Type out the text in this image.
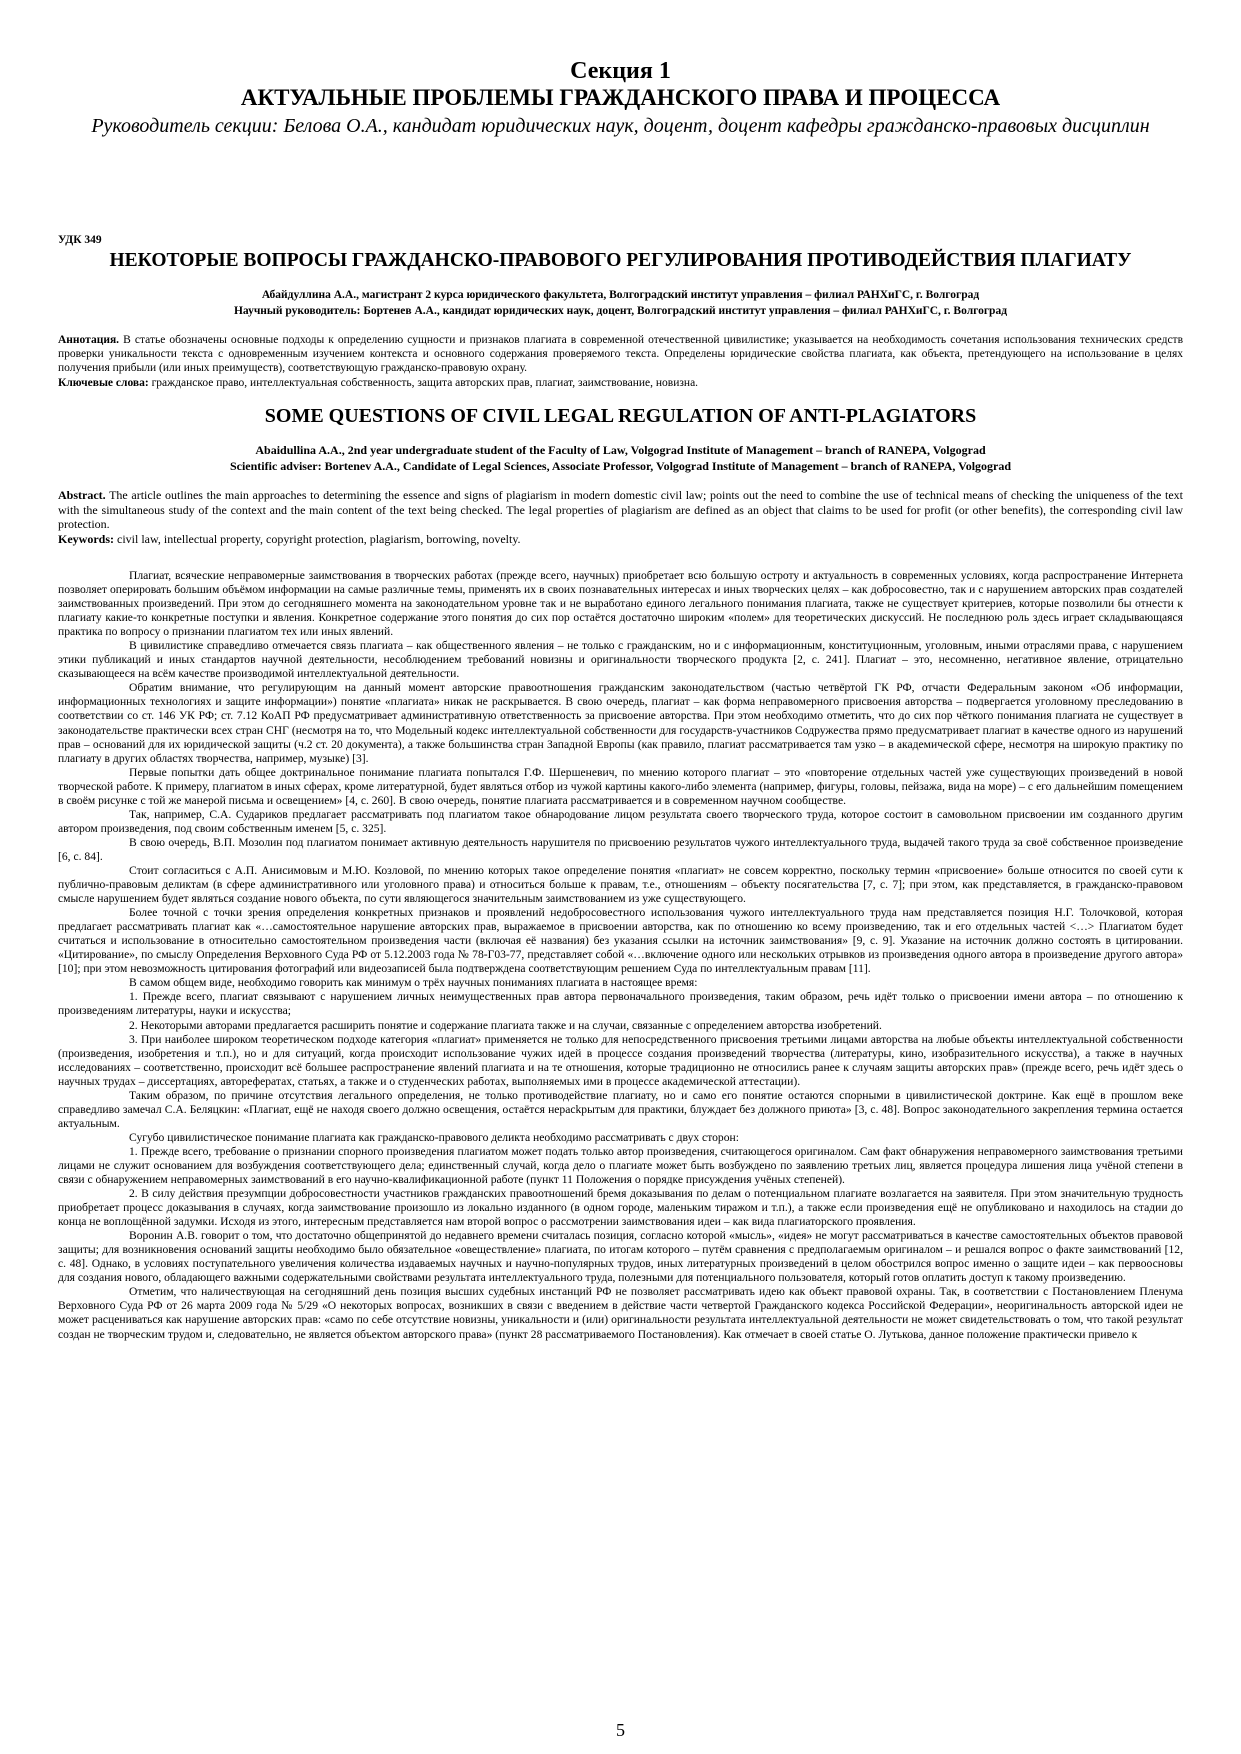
Секция 1
АКТУАЛЬНЫЕ ПРОБЛЕМЫ ГРАЖДАНСКОГО ПРАВА И ПРОЦЕССА
Руководитель секции: Белова О.А., кандидат юридических наук, доцент, доцент кафедры гражданско-правовых дисциплин
УДК 349
НЕКОТОРЫЕ ВОПРОСЫ ГРАЖДАНСКО-ПРАВОВОГО РЕГУЛИРОВАНИЯ ПРОТИВОДЕЙСТВИЯ ПЛАГИАТУ
Абайдуллина А.А., магистрант 2 курса юридического факультета, Волгоградский институт управления – филиал РАНХиГС, г. Волгоград
Научный руководитель: Бортенев А.А., кандидат юридических наук, доцент, Волгоградский институт управления – филиал РАНХиГС, г. Волгоград
Аннотация. В статье обозначены основные подходы к определению сущности и признаков плагиата в современной отечественной цивилистике; указывается на необходимость сочетания использования технических средств проверки уникальности текста с одновременным изучением контекста и основного содержания проверяемого текста. Определены юридические свойства плагиата, как объекта, претендующего на использование в целях получения прибыли (или иных преимуществ), соответствующую гражданско-правовую охрану.
Ключевые слова: гражданское право, интеллектуальная собственность, защита авторских прав, плагиат, заимствование, новизна.
SOME QUESTIONS OF CIVIL LEGAL REGULATION OF ANTI-PLAGIATORS
Abaidullina A.A., 2nd year undergraduate student of the Faculty of Law, Volgograd Institute of Management – branch of RANEPA, Volgograd
Scientific adviser: Bortenev A.A., Candidate of Legal Sciences, Associate Professor, Volgograd Institute of Management – branch of RANEPA, Volgograd
Abstract. The article outlines the main approaches to determining the essence and signs of plagiarism in modern domestic civil law; points out the need to combine the use of technical means of checking the uniqueness of the text with the simultaneous study of the context and the main content of the text being checked. The legal properties of plagiarism are defined as an object that claims to be used for profit (or other benefits), the corresponding civil law protection.
Keywords: civil law, intellectual property, copyright protection, plagiarism, borrowing, novelty.

Плагиат, всяческие неправомерные заимствования в творческих работах (прежде всего, научных) приобретает всю большую остроту и актуальность в современных условиях, когда распространение Интернета позволяет оперировать большим объёмом информации на самые различные темы, применять их в своих познавательных интересах и иных творческих целях – как добросовестно, так и с нарушением авторских прав создателей заимствованных произведений. При этом до сегодняшнего момента на законодательном уровне так и не выработано единого легального понимания плагиата, также не существует критериев, которые позволили бы отнести к плагиату какие-то конкретные поступки и явления. Конкретное содержание этого понятия до сих пор остаётся достаточно широким «полем» для теоретических дискуссий. Не последнюю роль здесь играет складывающаяся практика по вопросу о признании плагиатом тех или иных явлений.

В цивилистике справедливо отмечается связь плагиата – как общественного явления – не только с гражданским, но и с информационным, конституционным, уголовным, иными отраслями права, с нарушением этики публикаций и иных стандартов научной деятельности, несоблюдением требований новизны и оригинальности творческого продукта [2, с. 241]. Плагиат – это, несомненно, негативное явление, отрицательно сказывающееся на всём качестве производимой интеллектуальной деятельности.

Обратим внимание, что регулирующим на данный момент авторские правоотношения гражданским законодательством (частью четвёртой ГК РФ, отчасти Федеральным законом «Об информации, информационных технологиях и защите информации») понятие «плагиата» никак не раскрывается. В свою очередь, плагиат – как форма неправомерного присвоения авторства – подвергается уголовному преследованию в соответствии со ст. 146 УК РФ; ст. 7.12 КоАП РФ предусматривает административную ответственность за присвоение авторства. При этом необходимо отметить, что до сих пор чёткого понимания плагиата не существует в законодательстве практически всех стран СНГ (несмотря на то, что Модельный кодекс интеллектуальной собственности для государств-участников Содружества прямо предусматривает плагиат в качестве одного из нарушений прав – оснований для их юридической защиты (ч.2 ст. 20 документа), а также большинства стран Западной Европы (как правило, плагиат рассматривается там узко – в академической сфере, несмотря на широкую практику по плагиату в других областях творчества, например, музыке) [3].

Первые попытки дать общее доктринальное понимание плагиата попытался Г.Ф. Шершеневич, по мнению которого плагиат – это «повторение отдельных частей уже существующих произведений в новой творческой работе. К примеру, плагиатом в иных сферах, кроме литературной, будет являться отбор из чужой картины какого-либо элемента (например, фигуры, головы, пейзажа, вида на море) – с его дальнейшим помещением в своём рисунке с той же манерой письма и освещением» [4, с. 260]. В свою очередь, понятие плагиата рассматривается и в современном научном сообществе.

Так, например, С.А. Судариков предлагает рассматривать под плагиатом такое обнародование лицом результата своего творческого труда, которое состоит в самовольном присвоении им созданного другим автором произведения, под своим собственным именем [5, с. 325].

В свою очередь, В.П. Мозолин под плагиатом понимает активную деятельность нарушителя по присвоению результатов чужого интеллектуального труда, выдачей такого труда за своё собственное произведение [6, с. 84].

Стоит согласиться с А.П. Анисимовым и М.Ю. Козловой, по мнению которых такое определение понятия «плагиат» не совсем корректно, поскольку термин «присвоение» больше относится по своей сути к публично-правовым деликтам (в сфере административного или уголовного права) и относиться больше к правам, т.е., отношениям – объекту посягательства [7, с. 7]; при этом, как представляется, в гражданско-правовом смысле нарушением будет являться создание нового объекта, по сути являющегося значительным заимствованием из уже существующего.

Более точной с точки зрения определения конкретных признаков и проявлений недобросовестного использования чужого интеллектуального труда нам представляется позиция Н.Г. Толочковой, которая предлагает рассматривать плагиат как «…самостоятельное нарушение авторских прав, выражаемое в присвоении авторства, как по отношению ко всему произведению, так и его отдельных частей <…> Плагиатом будет считаться и использование в относительно самостоятельном произведения части (включая её названия) без указания ссылки на источник заимствования» [9, с. 9]. Указание на источник должно состоять в цитировании. «Цитирование», по смыслу Определения Верховного Суда РФ от 5.12.2003 года № 78-Г03-77, представляет собой «…включение одного или нескольких отрывков из произведения одного автора в произведение другого автора» [10]; при этом невозможность цитирования фотографий или видеозаписей была подтверждена соответствующим решением Суда по интеллектуальным правам [11].

В самом общем виде, необходимо говорить как минимум о трёх научных пониманиях плагиата в настоящее время:

1. Прежде всего, плагиат связывают с нарушением личных неимущественных прав автора первоначального произведения, таким образом, речь идёт только о присвоении имени автора – по отношению к произведениям литературы, науки и искусства;

2. Некоторыми авторами предлагается расширить понятие и содержание плагиата также и на случаи, связанные с определением авторства изобретений.

3. При наиболее широком теоретическом подходе категория «плагиат» применяется не только для непосредственного присвоения третьими лицами авторства на любые объекты интеллектуальной собственности (произведения, изобретения и т.п.), но и для ситуаций, когда происходит использование чужих идей в процессе создания произведений творчества (литературы, кино, изобразительного искусства), а также в научных исследованиях – соответственно, происходит всё большее распространение явлений плагиата и на те отношения, которые традиционно не относились ранее к случаям защиты авторских прав» (прежде всего, речь идёт здесь о научных трудах – диссертациях, авторефератах, статьях, а также и о студенческих работах, выполняемых ими в процессе академической аттестации).

Таким образом, по причине отсутствия легального определения, не только противодействие плагиату, но и само его понятие остаются спорными в цивилистической доктрине. Как ещё в прошлом веке справедливо замечал С.А. Беляцкин: «Плагиат, ещё не находя своего должно освещения, остаётся нерасkрытым для практики, блуждает без должного приюта» [3, с. 48]. Вопрос законодательного закрепления термина остается актуальным.

Сугубо цивилистическое понимание плагиата как гражданско-правового деликта необходимо рассматривать с двух сторон:

1. Прежде всего, требование о признании спорного произведения плагиатом может подать только автор произведения, считающегося оригиналом. Сам факт обнаружения неправомерного заимствования третьими лицами не служит основанием для возбуждения соответствующего дела; единственный случай, когда дело о плагиате может быть возбуждено по заявлению третьих лиц, является процедура лишения лица учёной степени в связи с обнаружением неправомерных заимствований в его научно-квалификационной работе (пункт 11 Положения о порядке присуждения учёных степеней).

2. В силу действия презумпции добросовестности участников гражданских правоотношений бремя доказывания по делам о потенциальном плагиате возлагается на заявителя. При этом значительную трудность приобретает процесс доказывания в случаях, когда заимствование произошло из локально изданного (в одном городе, маленьким тиражом и т.п.), а также если произведения ещё не опубликовано и находилось на стадии до конца не воплощённой задумки. Исходя из этого, интересным представляется нам второй вопрос о рассмотрении заимствования идеи – как вида плагиаторского проявления.

Воронин А.В. говорит о том, что достаточно общепринятой до недавнего времени считалась позиция, согласно которой «мысль», «идея» не могут рассматриваться в качестве самостоятельных объектов правовой защиты; для возникновения оснований защиты необходимо было обязательное «овеществление» плагиата, по итогам которого – путём сравнения с предполагаемым оригиналом – и решался вопрос о факте заимствований [12, с. 48]. Однако, в условиях поступательного увеличения количества издаваемых научных и научно-популярных трудов, иных литературных произведений в целом обострился вопрос именно о защите идеи – как первоосновы для создания нового, обладающего важными содержательными свойствами результата интеллектуального труда, полезными для потенциального пользователя, который готов оплатить доступ к такому произведению.

Отметим, что наличествующая на сегодняшний день позиция высших судебных инстанций РФ не позволяет рассматривать идею как объект правовой охраны. Так, в соответствии с Постановлением Пленума Верховного Суда РФ от 26 марта 2009 года № 5/29 «О некоторых вопросах, возникших в связи с введением в действие части четвертой Гражданского кодекса Российской Федерации», неоригинальность авторской идеи не может расцениваться как нарушение авторских прав: «само по себе отсутствие новизны, уникальности и (или) оригинальности результата интеллектуальной деятельности не может свидетельствовать о том, что такой результат создан не творческим трудом и, следовательно, не является объектом авторского права» (пункт 28 рассматриваемого Постановления). Как отмечает в своей статье О. Лутькова, данное положение практически привело к

5
